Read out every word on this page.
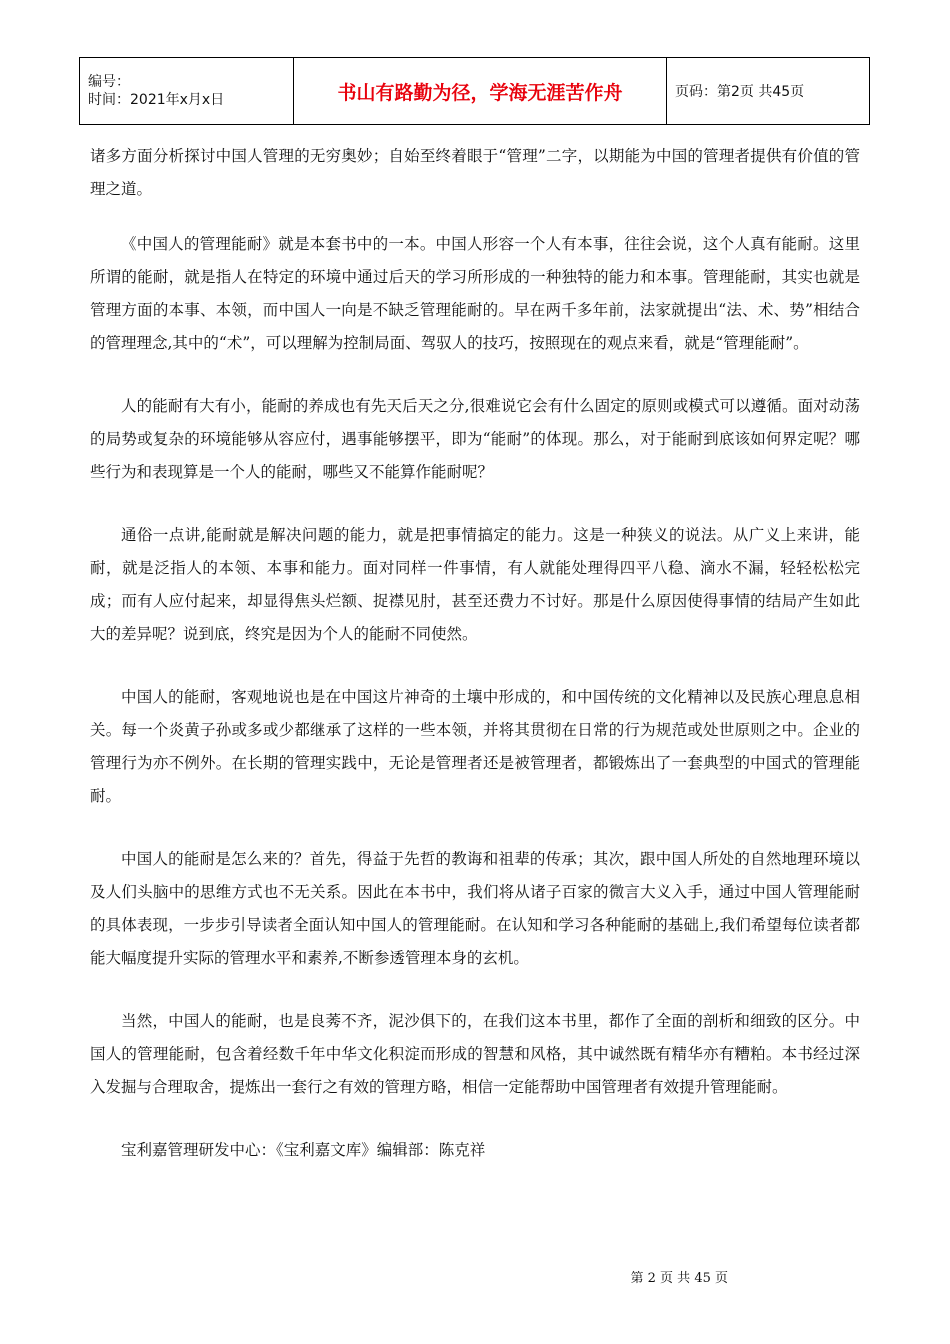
编号：
时间：2021年x月x日	书山有路勤为径，学海无涯苦作舟	页码：第2页 共45页

诸多方面分析探讨中国人管理的无穷奥妙；自始至终着眼于“管理”二字，以期能为中国的管理者提供有价值的管理之道。

《中国人的管理能耐》就是本套书中的一本。中国人形容一个人有本事，往往会说，这个人真有能耐。这里所谓的能耐，就是指人在特定的环境中通过后天的学习所形成的一种独特的能力和本事。管理能耐，其实也就是管理方面的本事、本领，而中国人一向是不缺乏管理能耐的。早在两千多年前，法家就提出“法、术、势”相结合的管理理念,其中的“术”，可以理解为控制局面、驾驭人的技巧，按照现在的观点来看，就是“管理能耐”。

人的能耐有大有小，能耐的养成也有先天后天之分,很难说它会有什么固定的原则或模式可以遵循。面对动荡的局势或复杂的环境能够从容应付，遇事能够摆平，即为“能耐”的体现。那么，对于能耐到底该如何界定呢？哪些行为和表现算是一个人的能耐，哪些又不能算作能耐呢？

通俗一点讲,能耐就是解决问题的能力，就是把事情搞定的能力。这是一种狭义的说法。从广义上来讲，能耐，就是泛指人的本领、本事和能力。面对同样一件事情，有人就能处理得四平八稳、滴水不漏，轻轻松松完成；而有人应付起来，却显得焦头烂额、捉襟见肘，甚至还费力不讨好。那是什么原因使得事情的结局产生如此大的差异呢？说到底，终究是因为个人的能耐不同使然。

中国人的能耐，客观地说也是在中国这片神奇的土壤中形成的，和中国传统的文化精神以及民族心理息息相关。每一个炎黄子孙或多或少都继承了这样的一些本领，并将其贯彻在日常的行为规范或处世原则之中。企业的管理行为亦不例外。在长期的管理实践中，无论是管理者还是被管理者，都锻炼出了一套典型的中国式的管理能耐。

中国人的能耐是怎么来的？首先，得益于先哲的教诲和祖辈的传承；其次，跟中国人所处的自然地理环境以及人们头脑中的思维方式也不无关系。因此在本书中，我们将从诸子百家的微言大义入手，通过中国人管理能耐的具体表现，一步步引导读者全面认知中国人的管理能耐。在认知和学习各种能耐的基础上,我们希望每位读者都能大幅度提升实际的管理水平和素养,不断参透管理本身的玄机。

当然，中国人的能耐，也是良莠不齐，泥沙俱下的，在我们这本书里，都作了全面的剖析和细致的区分。中国人的管理能耐，包含着经数千年中华文化积淀而形成的智慧和风格，其中诚然既有精华亦有糟粕。本书经过深入发掘与合理取舍，提炼出一套行之有效的管理方略，相信一定能帮助中国管理者有效提升管理能耐。

宝利嘉管理研发中心：《宝利嘉文库》编辑部：陈克祥

第 2 页 共 45 页
